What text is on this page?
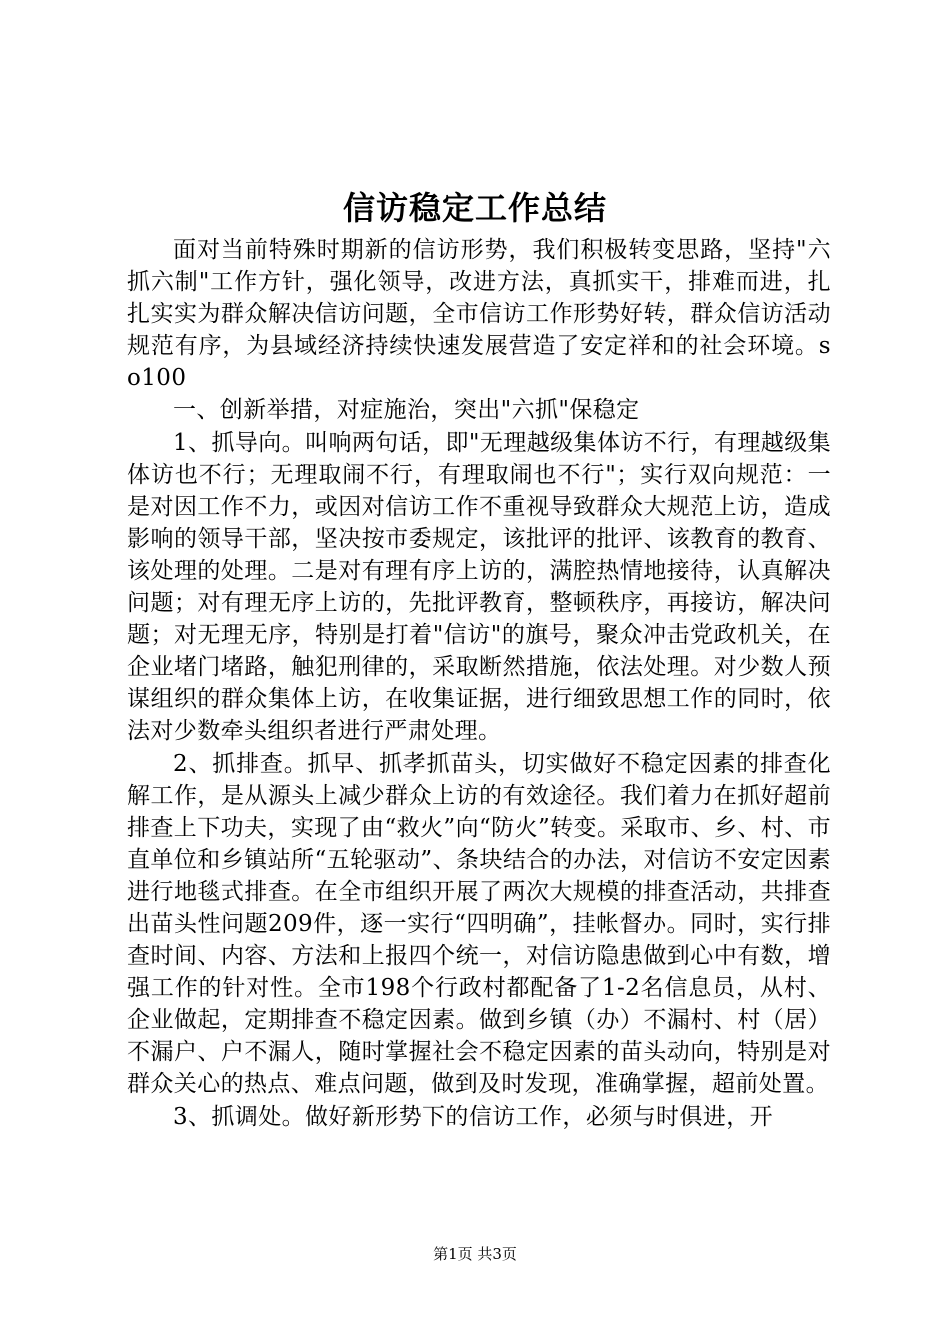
信访稳定工作总结

面对当前特殊时期新的信访形势，我们积极转变思路，坚持"六抓六制"工作方针，强化领导，改进方法，真抓实干，排难而进，扎扎实实为群众解决信访问题，全市信访工作形势好转，群众信访活动规范有序，为县域经济持续快速发展营造了安定祥和的社会环境。so100

一、创新举措，对症施治，突出"六抓"保稳定

1、抓导向。叫响两句话，即"无理越级集体访不行，有理越级集体访也不行；无理取闹不行，有理取闹也不行"；实行双向规范：一是对因工作不力，或因对信访工作不重视导致群众大规范上访，造成影响的领导干部，坚决按市委规定，该批评的批评、该教育的教育、该处理的处理。二是对有理有序上访的，满腔热情地接待，认真解决问题；对有理无序上访的，先批评教育，整顿秩序，再接访，解决问题；对无理无序，特别是打着"信访"的旗号，聚众冲击党政机关，在企业堵门堵路，触犯刑律的，采取断然措施，依法处理。对少数人预谋组织的群众集体上访，在收集证据，进行细致思想工作的同时，依法对少数牵头组织者进行严肃处理。

2、抓排查。抓早、抓孝抓苗头，切实做好不稳定因素的排查化解工作，是从源头上减少群众上访的有效途径。我们着力在抓好超前排查上下功夫，实现了由“救火”向“防火”转变。采取市、乡、村、市直单位和乡镇站所“五轮驱动”、条块结合的办法，对信访不安定因素进行地毯式排查。在全市组织开展了两次大规模的排查活动，共排查出苗头性问题209件，逐一实行“四明确”，挂帐督办。同时，实行排查时间、内容、方法和上报四个统一，对信访隐患做到心中有数，增强工作的针对性。全市198个行政村都配备了1-2名信息员，从村、企业做起，定期排查不稳定因素。做到乡镇（办）不漏村、村（居）不漏户、户不漏人，随时掌握社会不稳定因素的苗头动向，特别是对群众关心的热点、难点问题，做到及时发现，准确掌握，超前处置。

3、抓调处。做好新形势下的信访工作，必须与时俱进，开

第1页 共3页
